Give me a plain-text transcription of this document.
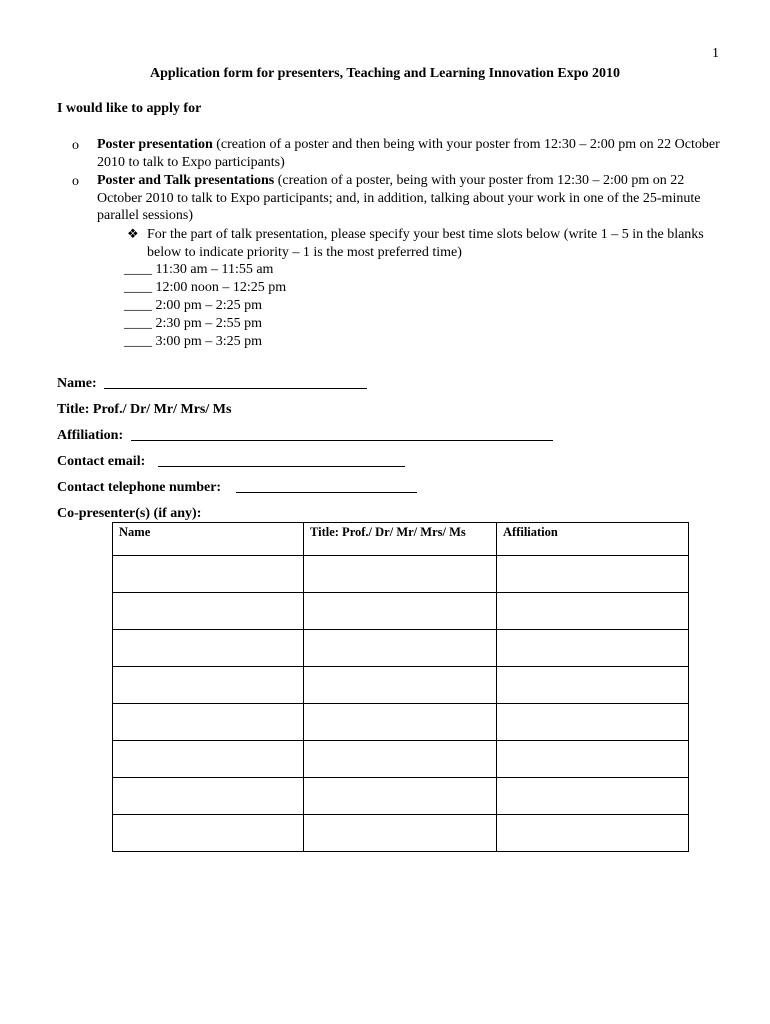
1
Application form for presenters, Teaching and Learning Innovation Expo 2010
I would like to apply for
o Poster presentation (creation of a poster and then being with your poster from 12:30 – 2:00 pm on 22 October 2010 to talk to Expo participants)
o Poster and Talk presentations (creation of a poster, being with your poster from 12:30 – 2:00 pm on 22 October 2010 to talk to Expo participants; and, in addition, talking about your work in one of the 25-minute parallel sessions)
❖ For the part of talk presentation, please specify your best time slots below (write 1 – 5 in the blanks below to indicate priority – 1 is the most preferred time)
____ 11:30 am – 11:55 am
____ 12:00 noon – 12:25 pm
____ 2:00 pm – 2:25 pm
____ 2:30 pm – 2:55 pm
____ 3:00 pm – 3:25 pm
Name:
Title: Prof./ Dr/ Mr/ Mrs/ Ms
Affiliation:
Contact email:
Contact telephone number:
Co-presenter(s) (if any):
Name	Title: Prof./ Dr/ Mr/ Mrs/ Ms	Affiliation
